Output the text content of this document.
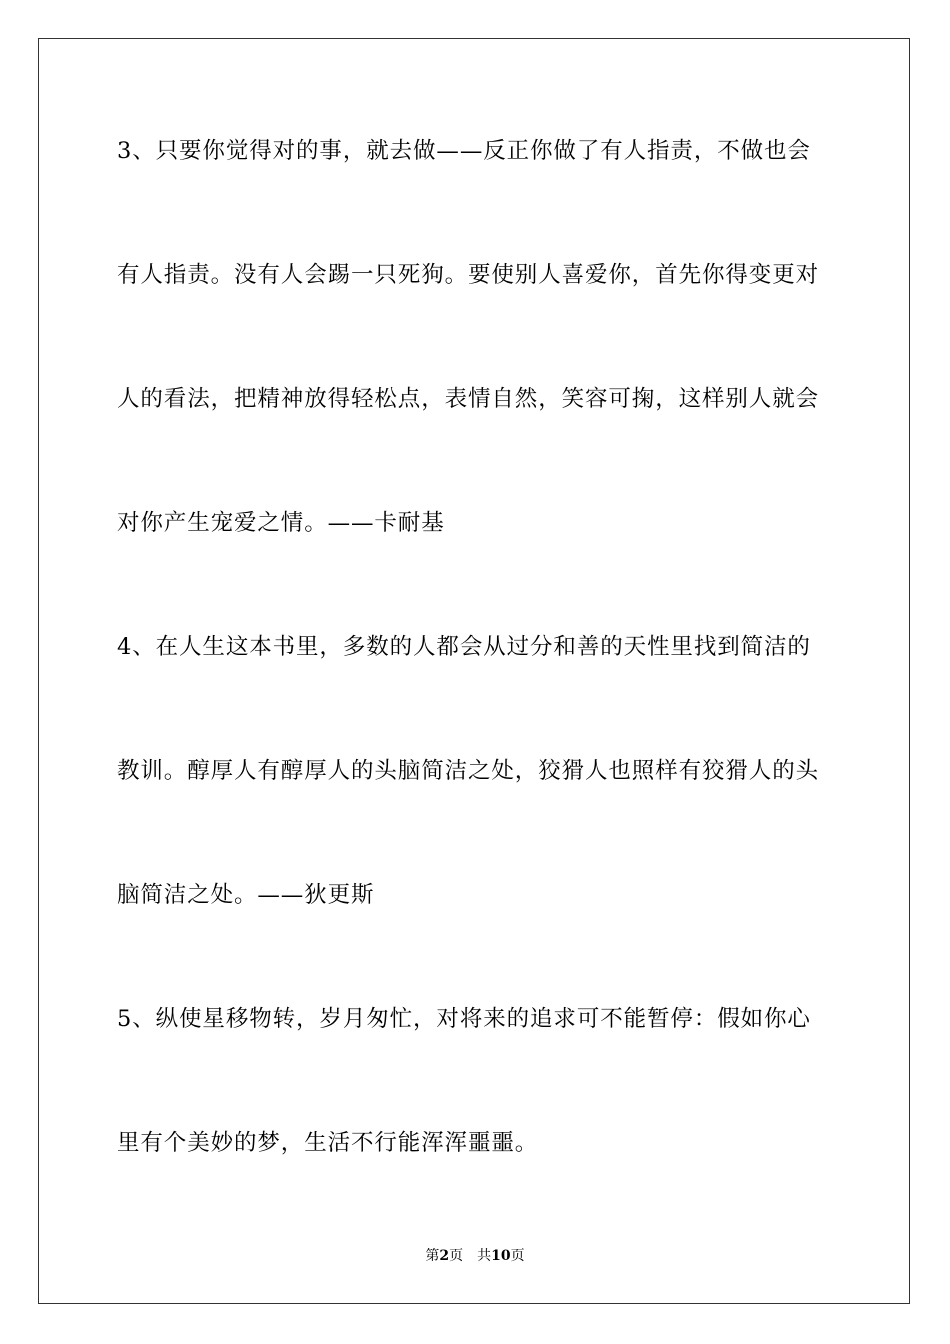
3、只要你觉得对的事，就去做——反正你做了有人指责，不做也会

有人指责。没有人会踢一只死狗。要使别人喜爱你，首先你得变更对

人的看法，把精神放得轻松点，表情自然，笑容可掬，这样别人就会

对你产生宠爱之情。——卡耐基

4、在人生这本书里，多数的人都会从过分和善的天性里找到简洁的

教训。醇厚人有醇厚人的头脑简洁之处，狡猾人也照样有狡猾人的头

脑简洁之处。——狄更斯

5、纵使星移物转，岁月匆忙，对将来的追求可不能暂停：假如你心

里有个美妙的梦，生活不行能浑浑噩噩。

第2页 共10页
